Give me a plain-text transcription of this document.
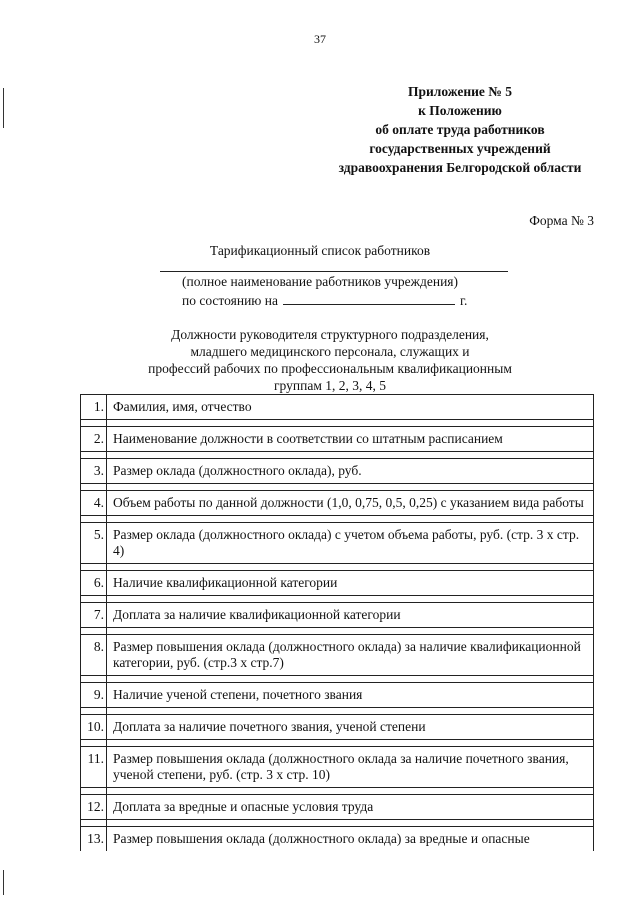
37
Приложение № 5
к Положению
об оплате труда работников
государственных учреждений
здравоохранения Белгородской области
Форма № 3
Тарификационный список работников
(полное наименование работников учреждения)
по состоянию на	г.
Должности руководителя структурного подразделения,
младшего медицинского персонала, служащих и
профессий рабочих по профессиональным квалификационным
группам 1, 2, 3, 4, 5
1.	Фамилия, имя, отчество

2.	Наименование должности в соответствии со штатным расписанием

3.	Размер оклада (должностного оклада), руб.

4.	Объем работы по данной должности (1,0, 0,75, 0,5, 0,25) с указанием вида работы

5.	Размер оклада (должностного оклада) с учетом объема работы, руб. (стр. 3 х стр. 4)

6.	Наличие квалификационной категории

7.	Доплата за наличие квалификационной категории

8.	Размер повышения оклада (должностного оклада) за наличие квалификационной категории, руб. (стр.3 х стр.7)

9.	Наличие ученой степени, почетного звания

10.	Доплата за наличие почетного звания, ученой степени

11.	Размер повышения оклада (должностного оклада за наличие почетного звания, ученой степени, руб. (стр. 3 х стр. 10)

12.	Доплата за вредные и опасные условия труда

13.	Размер повышения оклада (должностного оклада) за вредные и опасные
